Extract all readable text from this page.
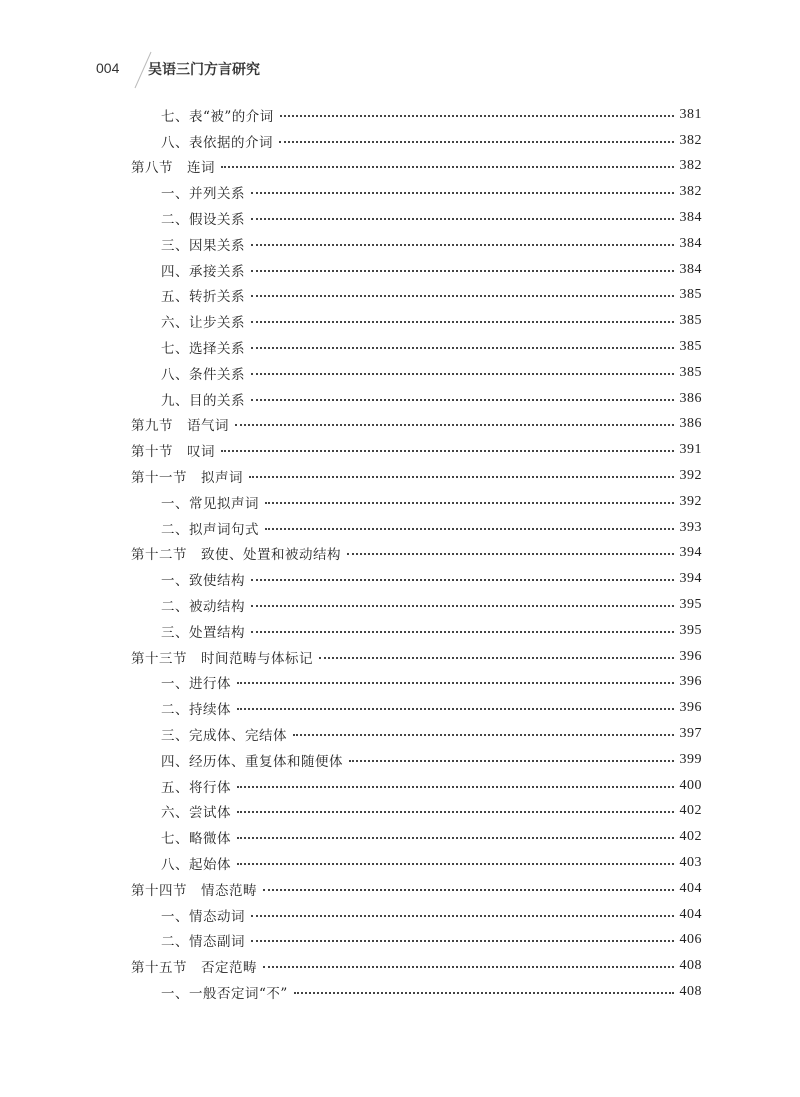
004 吴语三门方言研究
七、表“被”的介词	381
八、表依据的介词	382
第八节 连词	382
一、并列关系	382
二、假设关系	384
三、因果关系	384
四、承接关系	384
五、转折关系	385
六、让步关系	385
七、选择关系	385
八、条件关系	385
九、目的关系	386
第九节 语气词	386
第十节 叹词	391
第十一节 拟声词	392
一、常见拟声词	392
二、拟声词句式	393
第十二节 致使、处置和被动结构	394
一、致使结构	394
二、被动结构	395
三、处置结构	395
第十三节 时间范畴与体标记	396
一、进行体	396
二、持续体	396
三、完成体、完结体	397
四、经历体、重复体和随便体	399
五、将行体	400
六、尝试体	402
七、略微体	402
八、起始体	403
第十四节 情态范畴	404
一、情态动词	404
二、情态副词	406
第十五节 否定范畴	408
一、一般否定词“不”	408
